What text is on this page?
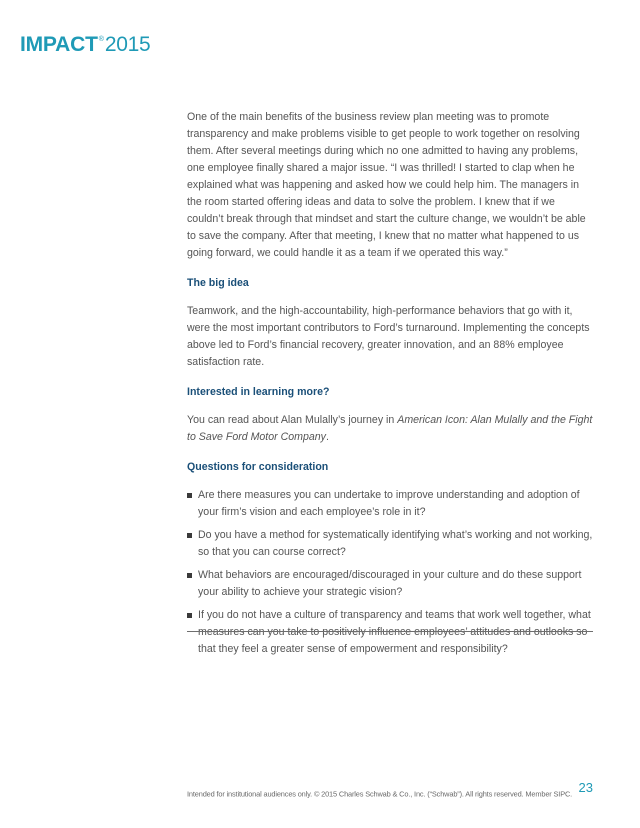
IMPACT®2015

One of the main benefits of the business review plan meeting was to promote transparency and make problems visible to get people to work together on resolving them. After several meetings during which no one admitted to having any problems, one employee finally shared a major issue. “I was thrilled! I started to clap when he explained what was happening and asked how we could help him. The managers in the room started offering ideas and data to solve the problem. I knew that if we couldn’t break through that mindset and start the culture change, we wouldn’t be able to save the company. After that meeting, I knew that no matter what happened to us going forward, we could handle it as a team if we operated this way.”

The big idea

Teamwork, and the high-accountability, high-performance behaviors that go with it, were the most important contributors to Ford’s turnaround. Implementing the concepts above led to Ford’s financial recovery, greater innovation, and an 88% employee satisfaction rate.

Interested in learning more?

You can read about Alan Mulally’s journey in American Icon: Alan Mulally and the Fight to Save Ford Motor Company.

Questions for consideration

Are there measures you can undertake to improve understanding and adoption of your firm’s vision and each employee’s role in it?
Do you have a method for systematically identifying what’s working and not working, so that you can course correct?
What behaviors are encouraged/discouraged in your culture and do these support your ability to achieve your strategic vision?
If you do not have a culture of transparency and teams that work well together, what measures can you take to positively influence employees’ attitudes and outlooks so that they feel a greater sense of empowerment and responsibility?
Intended for institutional audiences only. © 2015 Charles Schwab & Co., Inc. (“Schwab”). All rights reserved. Member SIPC. 23
